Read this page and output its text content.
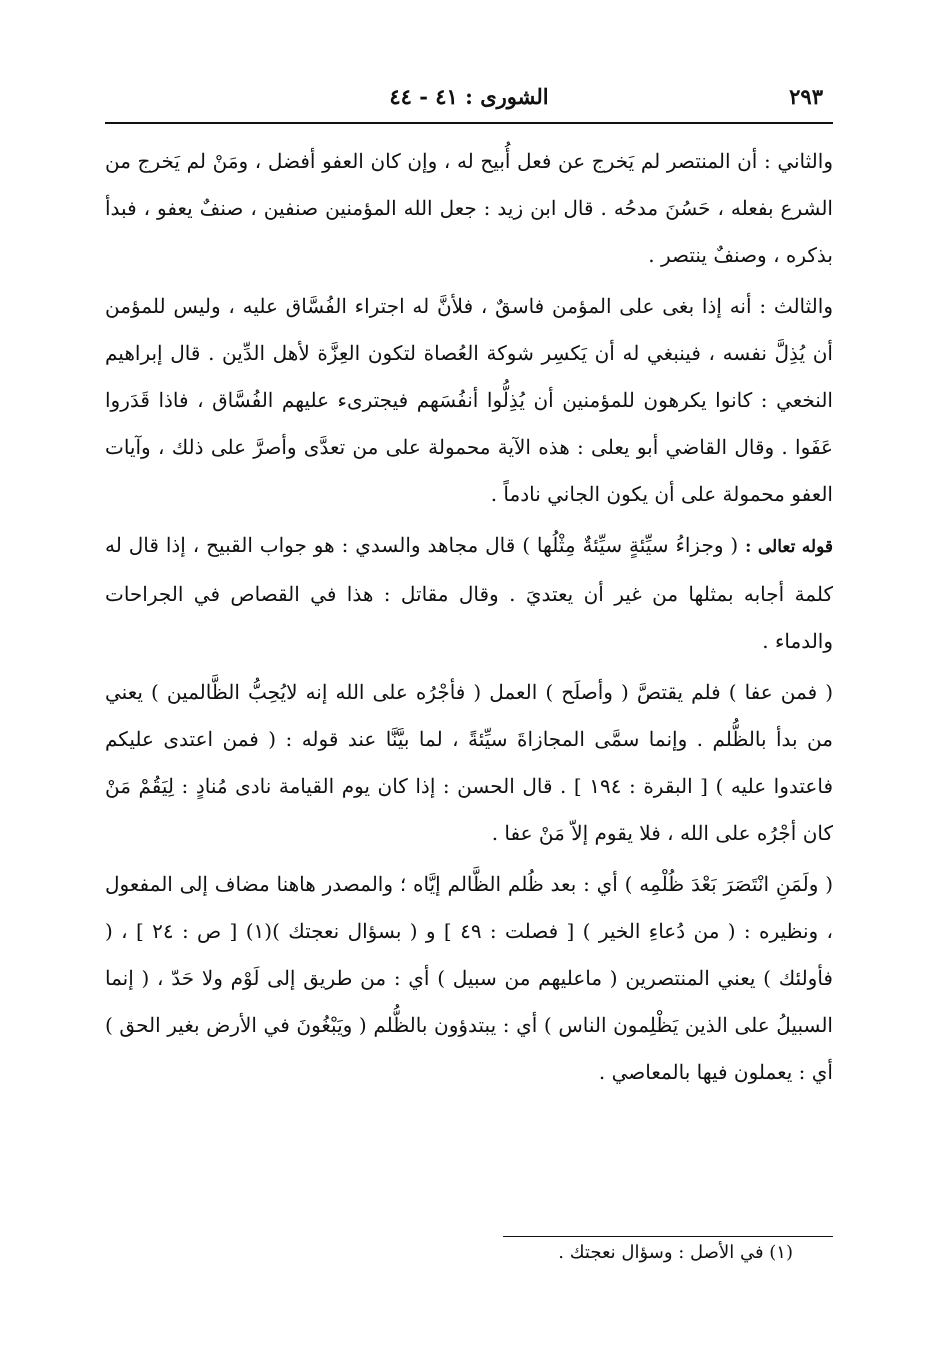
الشورى : ٤١ - ٤٤	٢٩٣

والثاني : أن المنتصر لم يَخرج عن فعل أُبيح له ، وإن كان العفو أفضل ، ومَنْ لم يَخرج من الشرع بفعله ، حَسُنَ مدحُه . قال ابن زيد : جعل الله المؤمنين صنفين ، صنفٌ يعفو ، فبدأ بذكره ، وصنفٌ ينتصر .

والثالث : أنه إذا بغى على المؤمن فاسقٌ ، فلأنَّ له اجتراء الفُسَّاق عليه ، وليس للمؤمن أن يُذِلَّ نفسه ، فينبغي له أن يَكسِر شوكة العُصاة لتكون العِزَّة لأهل الدِّين . قال إبراهيم النخعي : كانوا يكرهون للمؤمنين أن يُذِلُّوا أنفُسَهم فيجترىء عليهم الفُسَّاق ، فاذا قَدَروا عَفَوا . وقال القاضي أبو يعلى : هذه الآية محمولة على من تعدَّى وأصرَّ على ذلك ، وآيات العفو محمولة على أن يكون الجاني نادماً .

قوله تعالى : ( وجزاءُ سيِّئةٍ سيِّئةٌ مِثْلُها ) قال مجاهد والسدي : هو جواب القبيح ، إذا قال له كلمة أجابه بمثلها من غير أن يعتديَ . وقال مقاتل : هذا في القصاص في الجراحات والدماء .

( فمن عفا ) فلم يقتصَّ ( وأصلَح ) العمل ( فأجْرُه على الله إنه لايُحِبُّ الظَّالمين ) يعني من بدأ بالظُّلم . وإنما سمَّى المجازاةَ سيِّئةً ، لما بيَّنَّا عند قوله : ( فمن اعتدى عليكم فاعتدوا عليه ) [ البقرة : ١٩٤ ] . قال الحسن : إذا كان يوم القيامة نادى مُنادٍ : لِيَقُمْ مَنْ كان أجْرُه على الله ، فلا يقوم إلاّ مَنْ عفا .

( ولَمَنِ انْتَصَرَ بَعْدَ ظُلْمِه ) أي : بعد ظُلم الظَّالم إيَّاه ؛ والمصدر هاهنا مضاف إلى المفعول ، ونظيره : ( من دُعاءِ الخير ) [ فصلت : ٤٩ ] و ( بسؤال نعجتك )(١) [ ص : ٢٤ ] ، ( فأولئك ) يعني المنتصرين ( ماعليهم من سبيل ) أي : من طريق إلى لَوْم ولا حَدّ ، ( إنما السبيلُ على الذين يَظْلِمون الناس ) أي : يبتدؤون بالظُّلم ( ويَبْغُونَ في الأرض بغير الحق ) أي : يعملون فيها بالمعاصي .

(١) في الأصل : وسؤال نعجتك .
